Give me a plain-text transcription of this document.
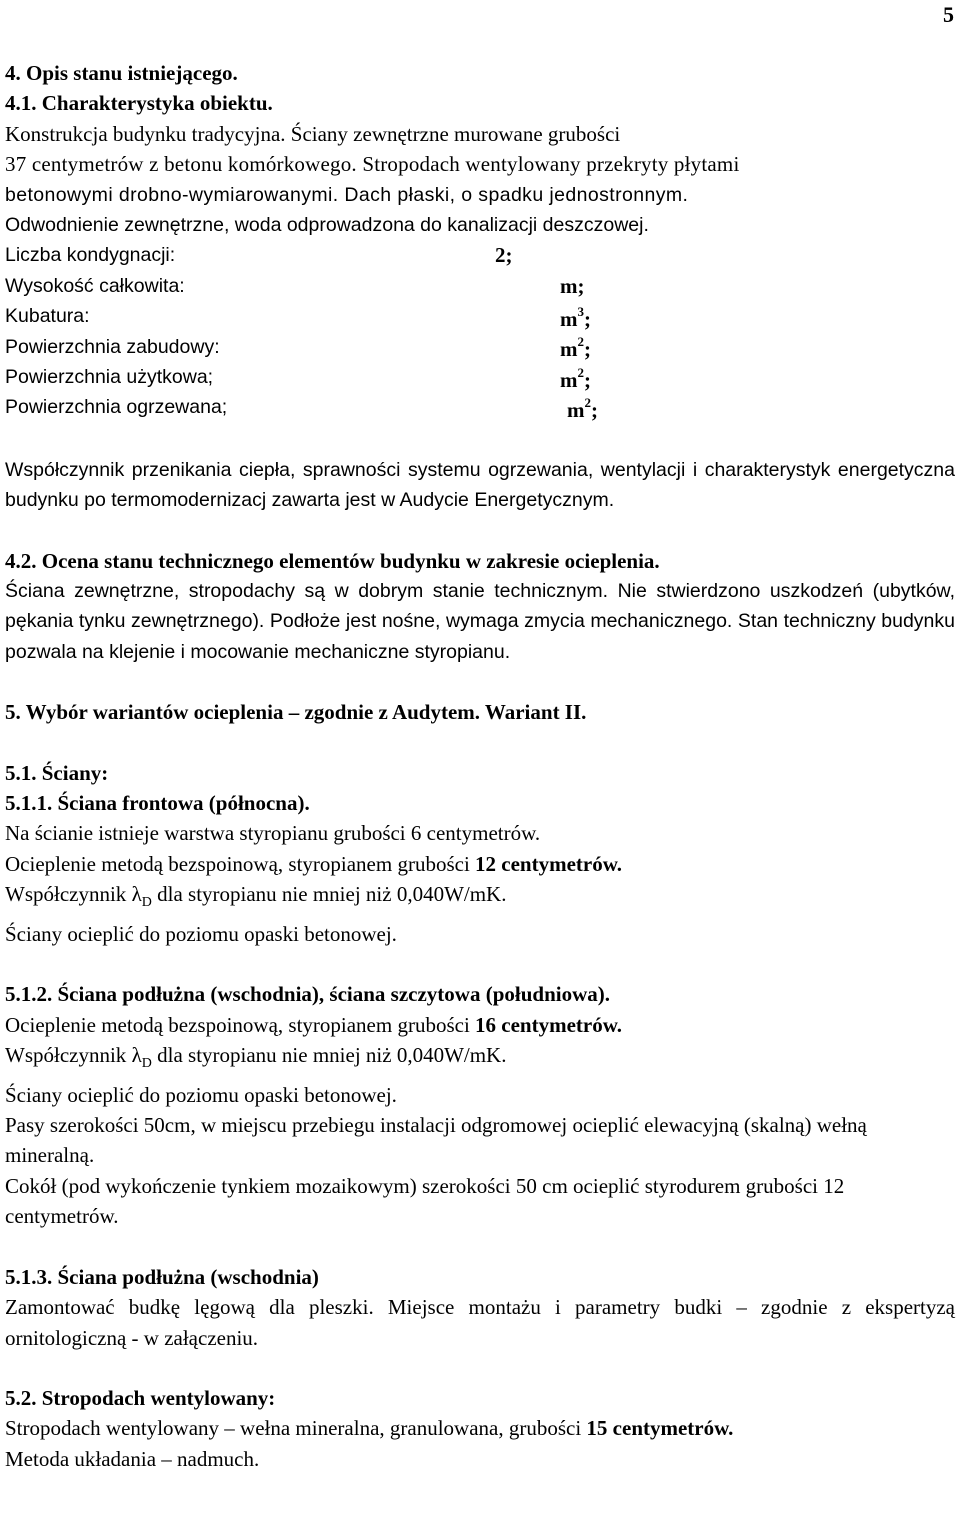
5

4. Opis stanu istniejącego.

4.1. Charakterystyka obiektu.

Konstrukcja budynku tradycyjna. Ściany zewnętrzne murowane grubości

37 centymetrów z betonu komórkowego. Stropodach wentylowany przekryty płytami

betonowymi drobno-wymiarowanymi. Dach płaski, o spadku jednostronnym.

Odwodnienie zewnętrzne, woda odprowadzona do kanalizacji deszczowej.

Liczba kondygnacji:	2;
Wysokość całkowita:	m;
Kubatura:	$m^3$;
Powierzchnia zabudowy:	$m^2$;
Powierzchnia użytkowa;	$m^2$;
Powierzchnia ogrzewana;	$m^2$;

Współczynnik przenikania ciepła, sprawności systemu ogrzewania, wentylacji i charakterystyk energetyczna budynku po termomodernizacj zawarta jest w Audycie Energetycznym.

4.2. Ocena stanu technicznego elementów budynku w zakresie ocieplenia.

Ściana zewnętrzne, stropodachy są w dobrym stanie technicznym. Nie stwierdzono uszkodzeń (ubytków, pękania tynku zewnętrznego). Podłoże jest nośne, wymaga zmycia mechanicznego. Stan techniczny budynku pozwala na klejenie i mocowanie mechaniczne styropianu.

5. Wybór wariantów ocieplenia – zgodnie z Audytem. Wariant II.

5.1. Ściany:

5.1.1. Ściana frontowa (północna).

Na ścianie istnieje warstwa styropianu grubości 6 centymetrów.

Ocieplenie metodą bezspoinową, styropianem grubości 12 centymetrów.

Współczynnik $\lambda_D$ dla styropianu nie mniej niż 0,040W/mK.

Ściany ocieplić do poziomu opaski betonowej.

5.1.2. Ściana podłużna (wschodnia), ściana szczytowa (południowa).

Ocieplenie metodą bezspoinową, styropianem grubości 16 centymetrów.

Współczynnik $\lambda_D$ dla styropianu nie mniej niż 0,040W/mK.

Ściany ocieplić do poziomu opaski betonowej.

Pasy szerokości 50cm, w miejscu przebiegu instalacji odgromowej ocieplić elewacyjną (skalną) wełną mineralną.

Cokół (pod wykończenie tynkiem mozaikowym) szerokości 50 cm ocieplić styrodurem grubości 12 centymetrów.

5.1.3. Ściana podłużna (wschodnia)

Zamontować budkę lęgową dla pleszki. Miejsce montażu i parametry budki – zgodnie z ekspertyzą ornitologiczną - w załączeniu.

5.2. Stropodach wentylowany:

Stropodach wentylowany – wełna mineralna, granulowana, grubości 15 centymetrów.

Metoda układania – nadmuch.
